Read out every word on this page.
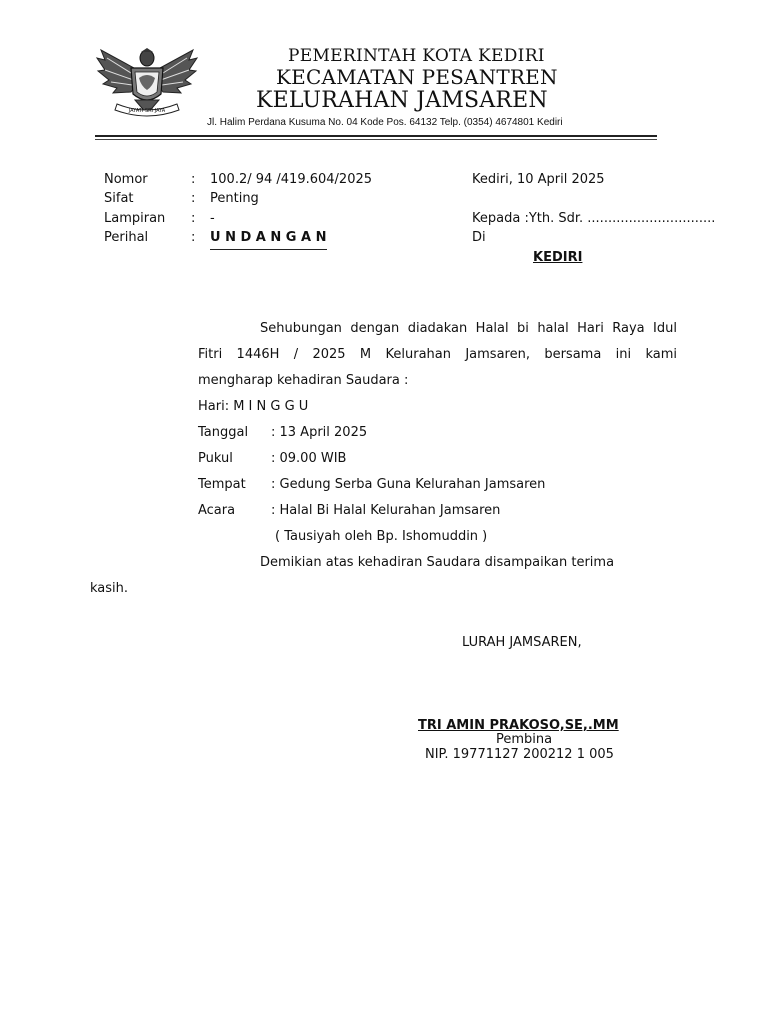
JAYATI SRI JAYA
PEMERINTAH KOTA KEDIRI
KECAMATAN PESANTREN
KELURAHAN JAMSAREN
Jl. Halim Perdana Kusuma No. 04 Kode Pos. 64132 Telp. (0354) 4674801 Kediri
Nomor	: 100.2/ 94 /419.604/2025
Sifat	: Penting
Lampiran : -
Perihal	: U N D A N G A N
Kediri, 10 April 2025
Kepada :Yth. Sdr. ...............................
Di
KEDIRI
Sehubungan dengan diadakan Halal bi halal Hari Raya Idul
Fitri 1446H / 2025 M Kelurahan Jamsaren, bersama ini kami
mengharap kehadiran Saudara :
Hari: M I N G G U
Tanggal : 13 April 2025
Pukul	: 09.00 WIB
Tempat : Gedung Serba Guna Kelurahan Jamsaren
Acara	: Halal Bi Halal Kelurahan Jamsaren
( Tausiyah oleh Bp. Ishomuddin )
Demikian atas kehadiran Saudara disampaikan terima
kasih.
LURAH JAMSAREN,
TRI AMIN PRAKOSO,SE,.MM
Pembina
NIP. 19771127 200212 1 005
